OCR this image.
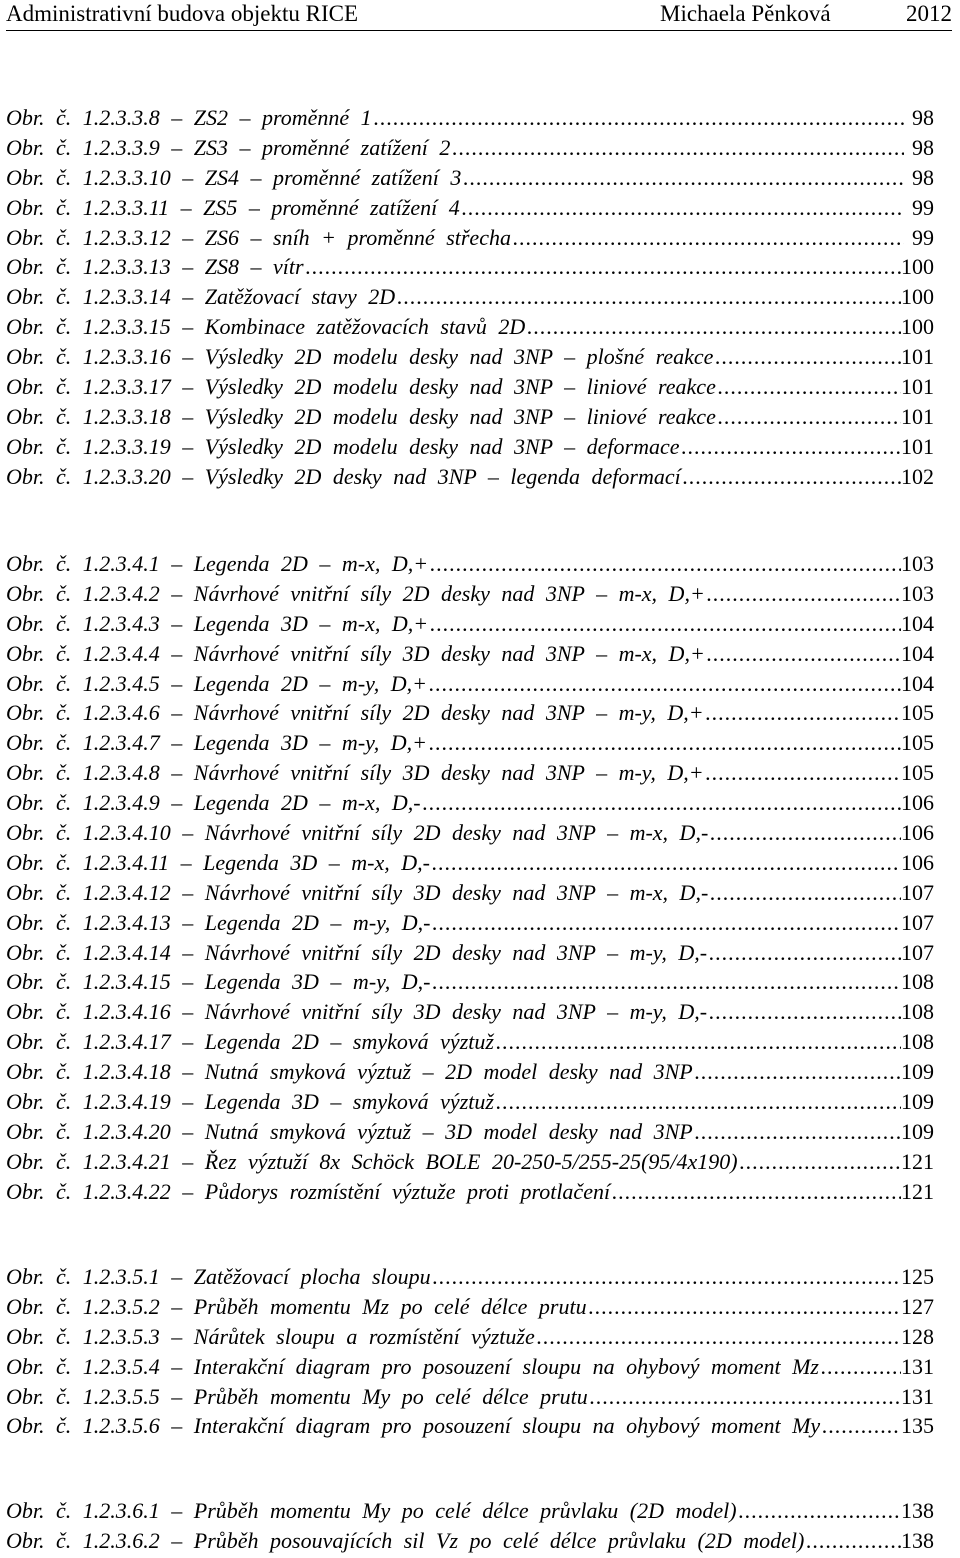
Administrativní budova objektu RICE	Michaela Pěnková	2012
Obr. č. 1.2.3.3.8 – ZS2 – proměnné 1 .....	98
Obr. č. 1.2.3.3.9 – ZS3 – proměnné zatížení 2 .....	98
Obr. č. 1.2.3.3.10 – ZS4 – proměnné zatížení 3 .....	98
Obr. č. 1.2.3.3.11 – ZS5 – proměnné zatížení 4 .....	99
Obr. č. 1.2.3.3.12 – ZS6 – sníh + proměnné střecha .....	99
Obr. č. 1.2.3.3.13 – ZS8 – vítr .....	100
Obr. č. 1.2.3.3.14 – Zatěžovací stavy 2D .....	100
Obr. č. 1.2.3.3.15 – Kombinace zatěžovacích stavů 2D .....	100
Obr. č. 1.2.3.3.16 – Výsledky 2D modelu desky nad 3NP – plošné reakce .....	101
Obr. č. 1.2.3.3.17 – Výsledky 2D modelu desky nad 3NP – liniové reakce .....	101
Obr. č. 1.2.3.3.18 – Výsledky 2D modelu desky nad 3NP – liniové reakce .....	101
Obr. č. 1.2.3.3.19 – Výsledky 2D modelu desky nad 3NP – deformace .....	101
Obr. č. 1.2.3.3.20 – Výsledky 2D desky nad 3NP – legenda deformací .....	102
Obr. č. 1.2.3.4.1 – Legenda 2D – m-x, D,+ .....	103
Obr. č. 1.2.3.4.2 – Návrhové vnitřní síly 2D desky nad 3NP – m-x, D,+ .....	103
Obr. č. 1.2.3.4.3 – Legenda 3D – m-x, D,+ .....	104
Obr. č. 1.2.3.4.4 – Návrhové vnitřní síly 3D desky nad 3NP – m-x, D,+ .....	104
Obr. č. 1.2.3.4.5 – Legenda 2D – m-y, D,+ .....	104
Obr. č. 1.2.3.4.6 – Návrhové vnitřní síly 2D desky nad 3NP – m-y, D,+ .....	105
Obr. č. 1.2.3.4.7 – Legenda 3D – m-y, D,+ .....	105
Obr. č. 1.2.3.4.8 – Návrhové vnitřní síly 3D desky nad 3NP – m-y, D,+ .....	105
Obr. č. 1.2.3.4.9 – Legenda 2D – m-x, D,- .....	106
Obr. č. 1.2.3.4.10 – Návrhové vnitřní síly 2D desky nad 3NP – m-x, D,- .....	106
Obr. č. 1.2.3.4.11 – Legenda 3D – m-x, D,- .....	106
Obr. č. 1.2.3.4.12 – Návrhové vnitřní síly 3D desky nad 3NP – m-x, D,- .....	107
Obr. č. 1.2.3.4.13 – Legenda 2D – m-y, D,- .....	107
Obr. č. 1.2.3.4.14 – Návrhové vnitřní síly 2D desky nad 3NP – m-y, D,- .....	107
Obr. č. 1.2.3.4.15 – Legenda 3D – m-y, D,- .....	108
Obr. č. 1.2.3.4.16 – Návrhové vnitřní síly 3D desky nad 3NP – m-y, D,- .....	108
Obr. č. 1.2.3.4.17 – Legenda 2D – smyková výztuž .....	108
Obr. č. 1.2.3.4.18 – Nutná smyková výztuž – 2D model desky nad 3NP .....	109
Obr. č. 1.2.3.4.19 – Legenda 3D – smyková výztuž .....	109
Obr. č. 1.2.3.4.20 – Nutná smyková výztuž – 3D model desky nad 3NP .....	109
Obr. č. 1.2.3.4.21 – Řez výztuží 8x Schöck BOLE 20-250-5/255-25(95/4x190) .....	121
Obr. č. 1.2.3.4.22 – Půdorys rozmístění výztuže proti protlačení .....	121
Obr. č. 1.2.3.5.1 – Zatěžovací plocha sloupu .....	125
Obr. č. 1.2.3.5.2 – Průběh momentu Mz po celé délce prutu .....	127
Obr. č. 1.2.3.5.3 – Nárůtek sloupu a rozmístění výztuže .....	128
Obr. č. 1.2.3.5.4 – Interakční diagram pro posouzení sloupu na ohybový moment Mz .....	131
Obr. č. 1.2.3.5.5 – Průběh momentu My po celé délce prutu .....	131
Obr. č. 1.2.3.5.6 – Interakční diagram pro posouzení sloupu na ohybový moment My .....	135
Obr. č. 1.2.3.6.1 – Průběh momentu My po celé délce průvlaku (2D model) .....	138
Obr. č. 1.2.3.6.2 – Průběh posouvajících sil Vz po celé délce průvlaku (2D model) .....	138
